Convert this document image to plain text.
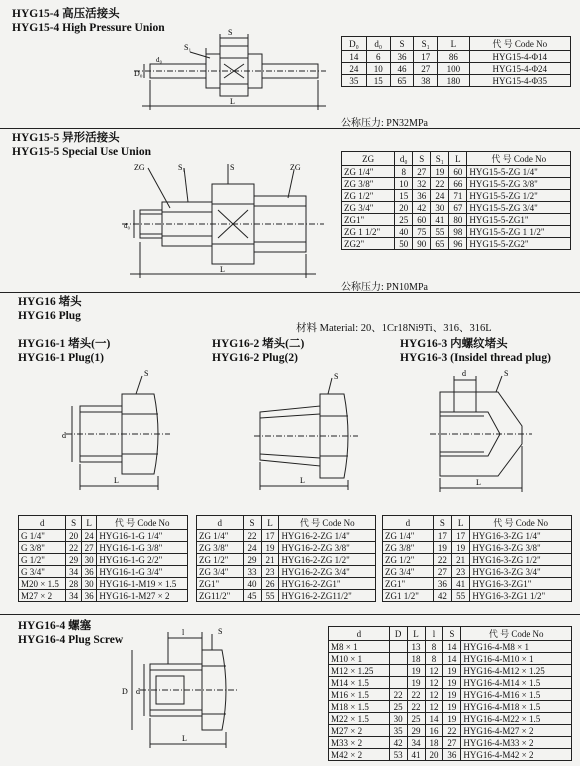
HYG15-4 高压活接头
HYG15-4 High Pressure Union	S
S₁
D₀
d₀
L
D₀	d₀	S	S₁	L	代 号 Code No
14	6	36	17	86	HYG15-4-Φ14
24	10	46	27	100	HYG15-4-Φ24
35	15	65	38	180	HYG15-4-Φ35
公称压力: PN32MPa
HYG15-5 异形活接头
HYG15-5 Special Use Union
ZG	S₁	S	ZG
d₀
L
ZG	d₀	S	S₁	L	代 号 Code No
ZG 1/4"	8	27	19	60	HYG15-5-ZG 1/4"
ZG 3/8"	10	32	22	66	HYG15-5-ZG 3/8"
ZG 1/2"	15	36	24	71	HYG15-5-ZG 1/2"
ZG 3/4"	20	42	30	67	HYG15-5-ZG 3/4"
ZG1"	25	60	41	80	HYG15-5-ZG1"
ZG 1 1/2"	40	75	55	98	HYG15-5-ZG 1 1/2"
ZG2"	50	90	65	96	HYG15-5-ZG2"
公称压力: PN10MPa
HYG16 堵头
HYG16 Plug
材料 Material: 20、1Cr18Ni9Ti、316、316L
HYG16-1 堵头(一)
HYG16-1 Plug(1)
HYG16-2 堵头(二)
HYG16-2 Plug(2)
HYG16-3 内螺纹堵头
HYG16-3 (Insidel thread plug)
S
d
L
S
L
d	S
L
d	S	L	代 号 Code No
G 1/4"	20	24	HYG16-1-G 1/4"
G 3/8"	22	27	HYG16-1-G 3/8"
G 1/2"	29	30	HYG16-1-G 2/2"
G 3/4"	34	36	HYG16-1-G 3/4"
M20 × 1.5	28	30	HYG16-1-M19 × 1.5
M27 × 2	34	36	HYG16-1-M27 × 2
d	S	L	代 号 Code No
ZG 1/4"	22	17	HYG16-2-ZG 1/4"
ZG 3/8"	24	19	HYG16-2-ZG 3/8"
ZG 1/2"	29	21	HYG16-2-ZG 1/2"
ZG 3/4"	33	23	HYG16-2-ZG 3/4"
ZG1"	40	26	HYG16-2-ZG1"
ZG11/2"	45	55	HYG16-2-ZG11/2"
d	S	L	代 号 Code No
ZG 1/4"	17	17	HYG16-3-ZG 1/4"
ZG 3/8"	19	19	HYG16-3-ZG 3/8"
ZG 1/2"	22	21	HYG16-3-ZG 1/2"
ZG 3/4"	27	23	HYG16-3-ZG 3/4"
ZG1"	36	41	HYG16-3-ZG1"
ZG1 1/2"	42	55	HYG16-3-ZG1 1/2"
HYG16-4 螺塞
HYG16-4 Plug Screw
l	S
d
D
L
d	D	L	l	S	代 号 Code No
M8 × 1		13	8	14	HYG16-4-M8 × 1
M10 × 1		18	8	14	HYG16-4-M10 × 1
M12 × 1.25		19	12	19	HYG16-4-M12 × 1.25
M14 × 1.5		19	12	19	HYG16-4-M14 × 1.5
M16 × 1.5	22	22	12	19	HYG16-4-M16 × 1.5
M18 × 1.5	25	22	12	19	HYG16-4-M18 × 1.5
M22 × 1.5	30	25	14	19	HYG16-4-M22 × 1.5
M27 × 2	35	29	16	22	HYG16-4-M27 × 2
M33 × 2	42	34	18	27	HYG16-4-M33 × 2
M42 × 2	53	41	20	36	HYG16-4-M42 × 2
